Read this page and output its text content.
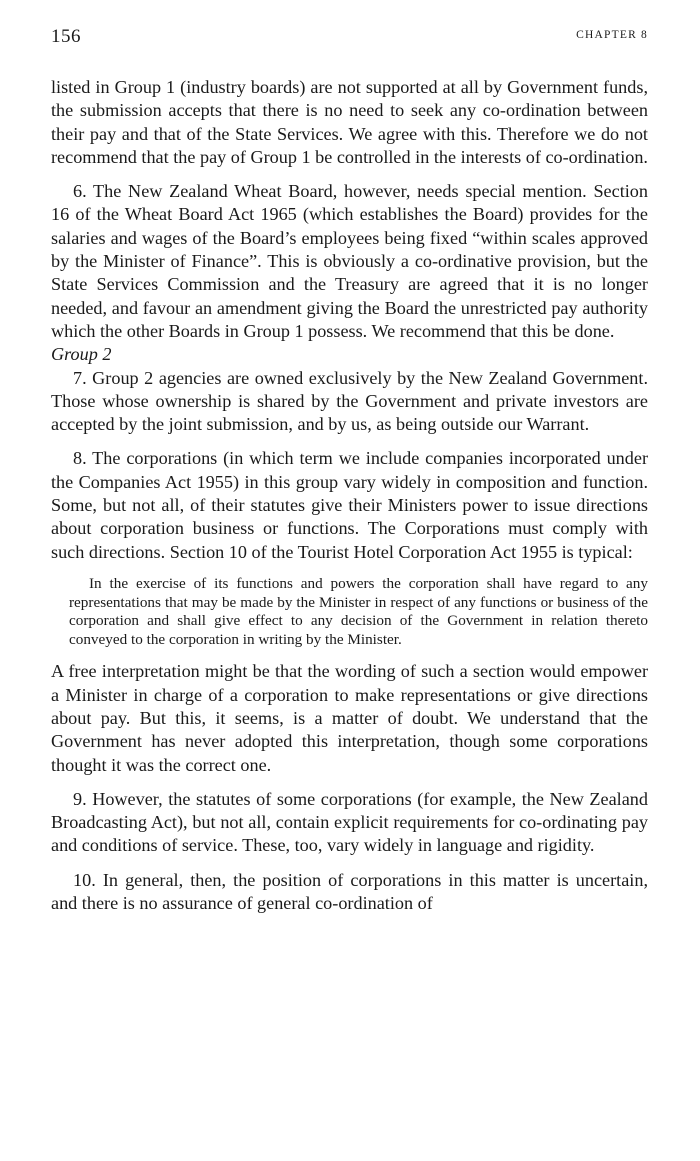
156	CHAPTER 8

listed in Group 1 (industry boards) are not supported at all by Government funds, the submission accepts that there is no need to seek any co-ordination between their pay and that of the State Services. We agree with this. Therefore we do not recommend that the pay of Group 1 be controlled in the interests of co-ordination.

6. The New Zealand Wheat Board, however, needs special mention. Section 16 of the Wheat Board Act 1965 (which establishes the Board) provides for the salaries and wages of the Board’s employees being fixed “within scales approved by the Minister of Finance”. This is obviously a co-ordinative provision, but the State Services Commission and the Treasury are agreed that it is no longer needed, and favour an amendment giving the Board the unrestricted pay authority which the other Boards in Group 1 possess. We recommend that this be done.

Group 2

7. Group 2 agencies are owned exclusively by the New Zealand Government. Those whose ownership is shared by the Government and private investors are accepted by the joint submission, and by us, as being outside our Warrant.

8. The corporations (in which term we include companies incorporated under the Companies Act 1955) in this group vary widely in composition and function. Some, but not all, of their statutes give their Ministers power to issue directions about corporation business or functions. The Corporations must comply with such directions. Section 10 of the Tourist Hotel Corporation Act 1955 is typical:

In the exercise of its functions and powers the corporation shall have regard to any representations that may be made by the Minister in respect of any functions or business of the corporation and shall give effect to any decision of the Government in relation thereto conveyed to the corporation in writing by the Minister.

A free interpretation might be that the wording of such a section would empower a Minister in charge of a corporation to make representations or give directions about pay. But this, it seems, is a matter of doubt. We understand that the Government has never adopted this interpretation, though some corporations thought it was the correct one.

9. However, the statutes of some corporations (for example, the New Zealand Broadcasting Act), but not all, contain explicit requirements for co-ordinating pay and conditions of service. These, too, vary widely in language and rigidity.

10. In general, then, the position of corporations in this matter is uncertain, and there is no assurance of general co-ordination of
